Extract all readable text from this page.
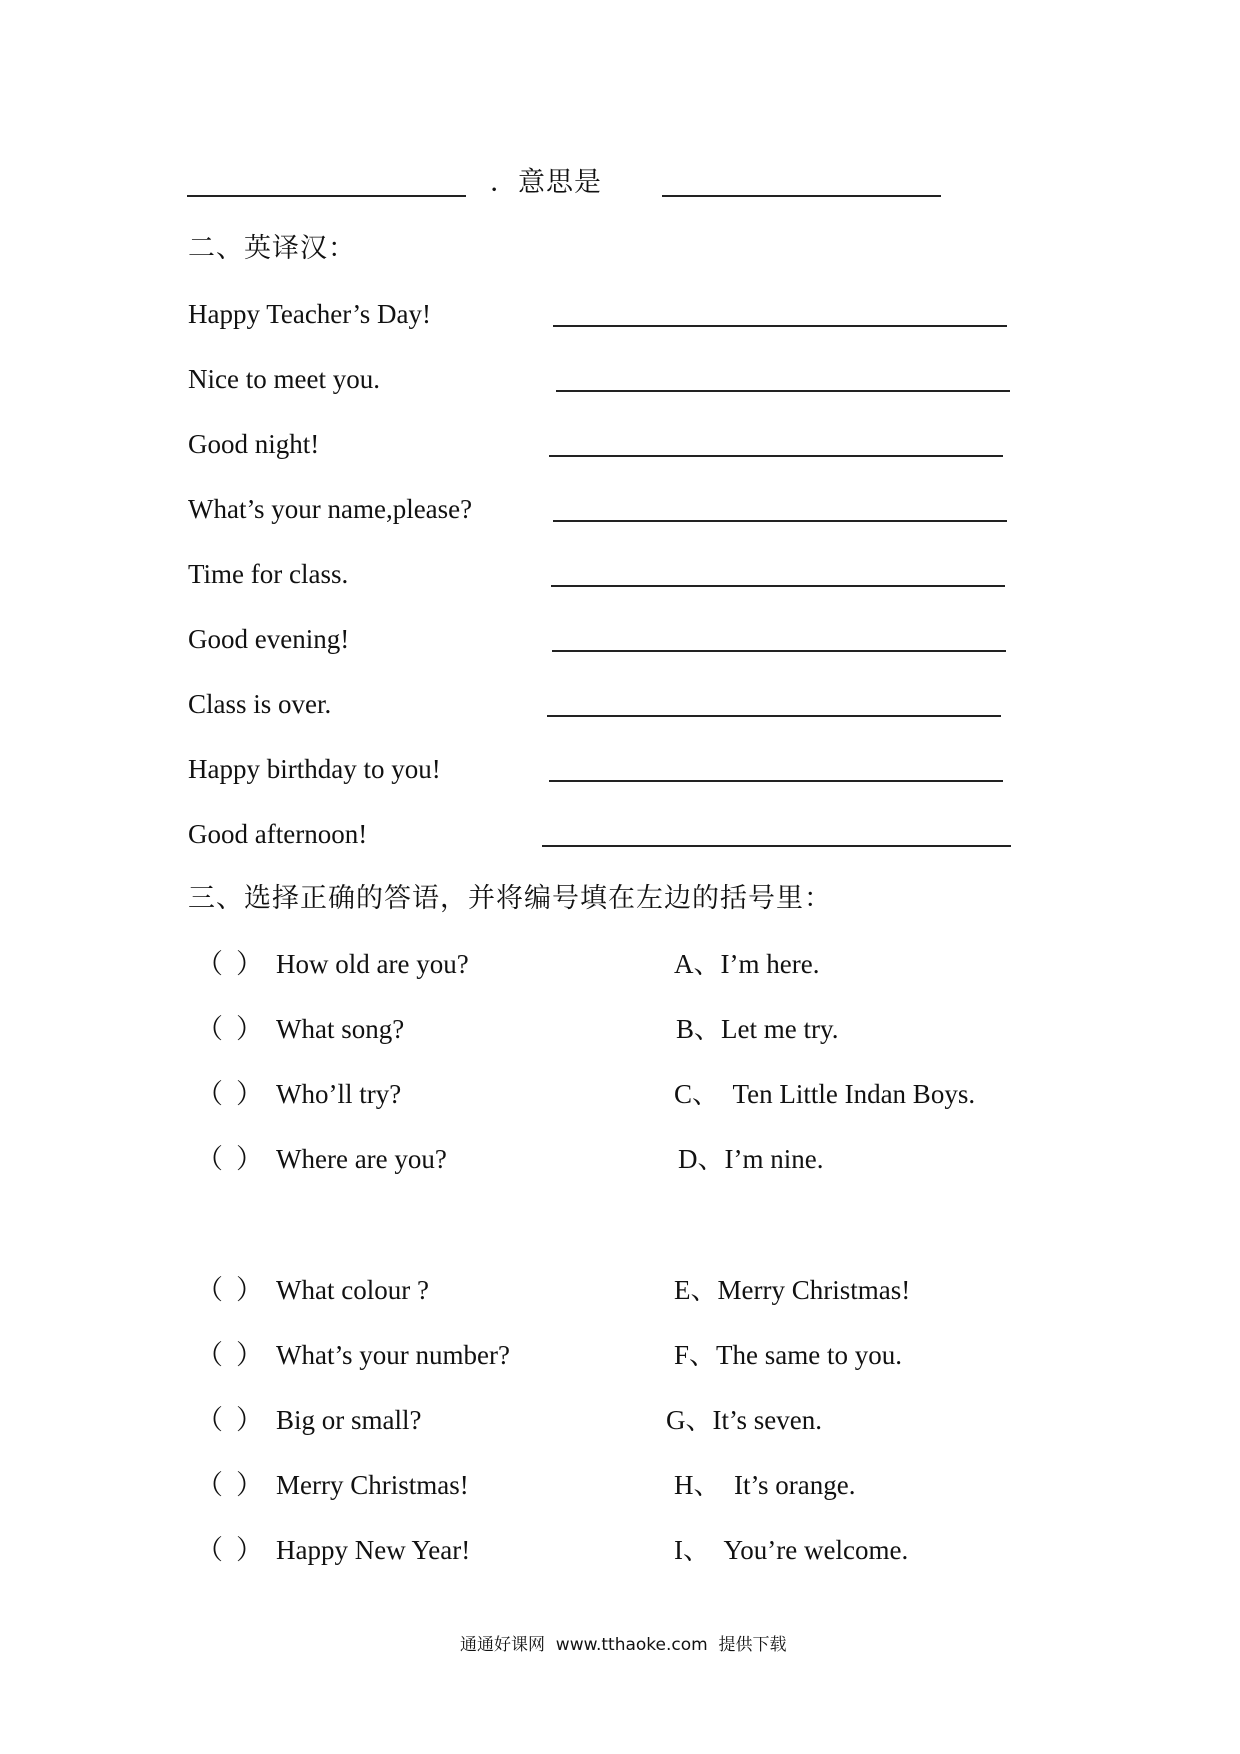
．意思是
二、英译汉：
Happy Teacher’s Day!
Nice to meet you.
Good night!
What’s your name,please?
Time for class.
Good evening!
Class is over.
Happy birthday to you!
Good afternoon!
三、选择正确的答语，并将编号填在左边的括号里：
（ ） How old are you?	A、I’m here.
（ ） What song?	B、Let me try.
（ ） Who’ll try?	C、  Ten Little Indan Boys.
（ ） Where are you?	D、I’m nine.
（ ） What colour ?	E、Merry Christmas!
（ ） What’s your number?	F、The same to you.
（ ） Big or small?	G、It’s seven.
（ ） Merry Christmas!	H、  It’s orange.
（ ） Happy New Year!	I、  You’re welcome.
通通好课网  www.tthaoke.com  提供下载
